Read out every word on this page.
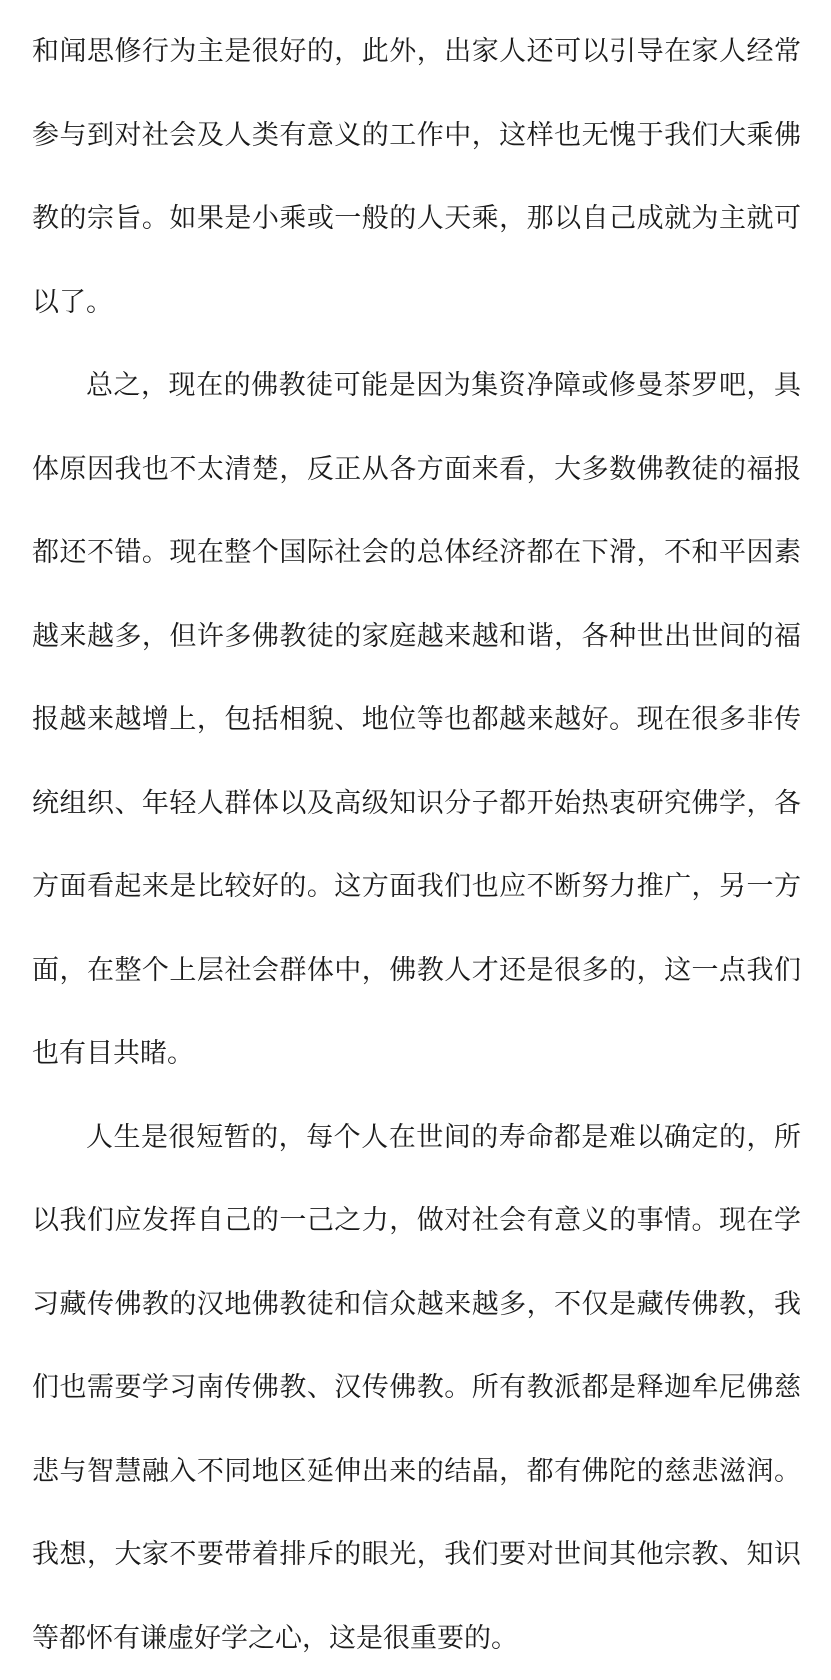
和闻思修行为主是很好的，此外，出家人还可以引导在家人经常
参与到对社会及人类有意义的工作中，这样也无愧于我们大乘佛
教的宗旨。如果是小乘或一般的人天乘，那以自己成就为主就可
以了。

总之，现在的佛教徒可能是因为集资净障或修曼茶罗吧，具
体原因我也不太清楚，反正从各方面来看，大多数佛教徒的福报
都还不错。现在整个国际社会的总体经济都在下滑，不和平因素
越来越多，但许多佛教徒的家庭越来越和谐，各种世出世间的福
报越来越增上，包括相貌、地位等也都越来越好。现在很多非传
统组织、年轻人群体以及高级知识分子都开始热衷研究佛学，各
方面看起来是比较好的。这方面我们也应不断努力推广，另一方
面，在整个上层社会群体中，佛教人才还是很多的，这一点我们
也有目共睹。

人生是很短暂的，每个人在世间的寿命都是难以确定的，所
以我们应发挥自己的一己之力，做对社会有意义的事情。现在学
习藏传佛教的汉地佛教徒和信众越来越多，不仅是藏传佛教，我
们也需要学习南传佛教、汉传佛教。所有教派都是释迦牟尼佛慈
悲与智慧融入不同地区延伸出来的结晶，都有佛陀的慈悲滋润。
我想，大家不要带着排斥的眼光，我们要对世间其他宗教、知识
等都怀有谦虚好学之心，这是很重要的。
